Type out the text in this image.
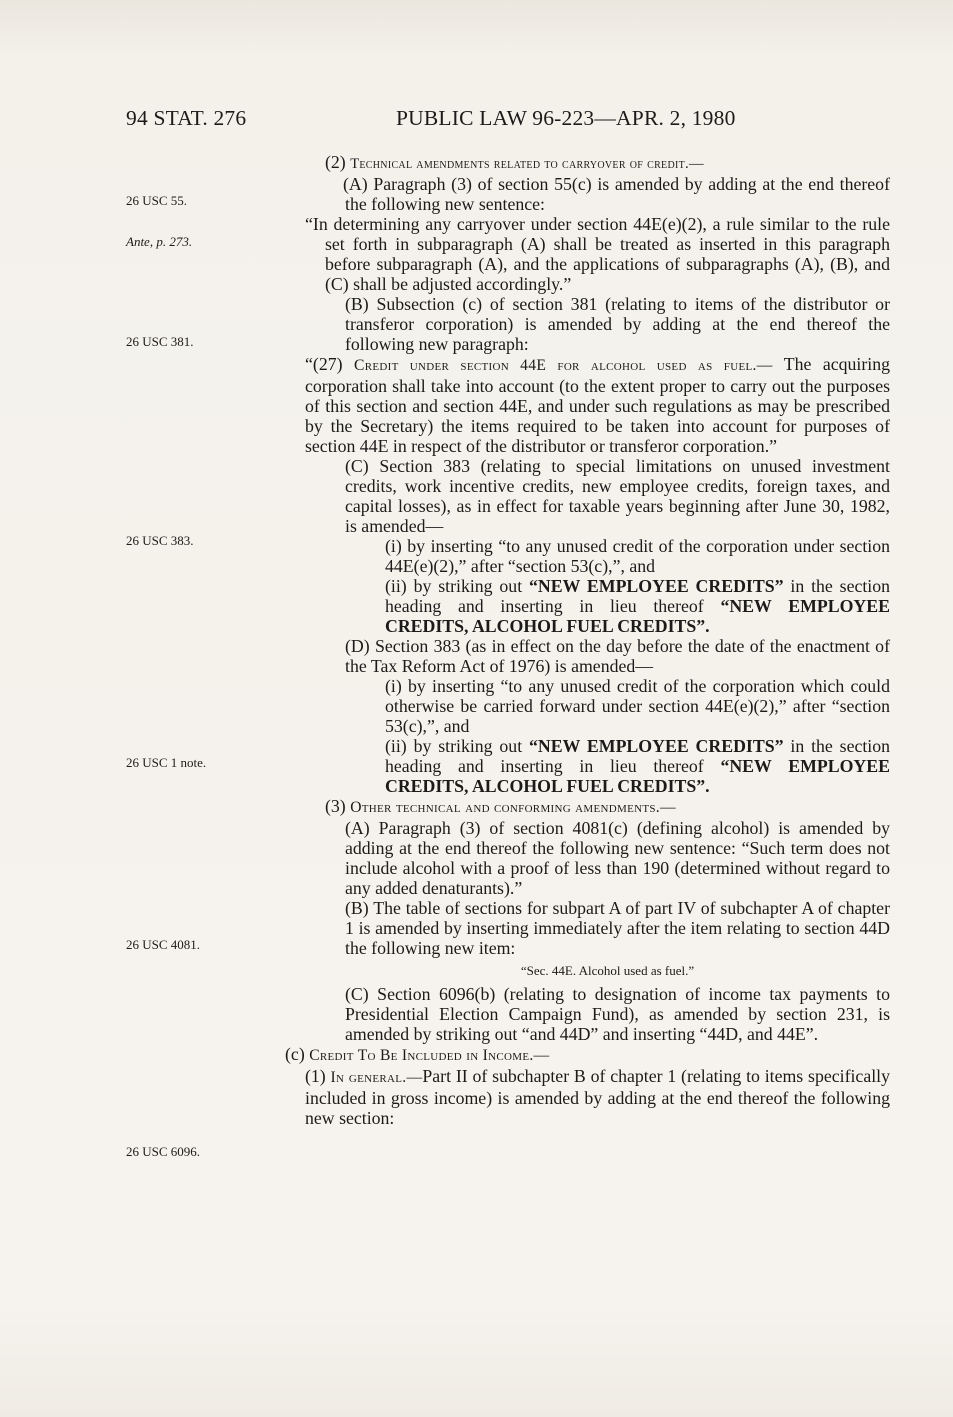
94 STAT. 276	PUBLIC LAW 96-223—APR. 2, 1980
26 USC 55.
Ante, p. 273.
26 USC 381.
26 USC 383.
26 USC 1 note.
26 USC 4081.
26 USC 6096.

(2) Technical amendments related to carryover of credit.—

(A) Paragraph (3) of section 55(c) is amended by adding at the end thereof the following new sentence:

“In determining any carryover under section 44E(e)(2), a rule similar to the rule set forth in subparagraph (A) shall be treated as inserted in this paragraph before subparagraph (A), and the applications of subparagraphs (A), (B), and (C) shall be adjusted accordingly.”

(B) Subsection (c) of section 381 (relating to items of the distributor or transferor corporation) is amended by adding at the end thereof the following new paragraph:

“(27) Credit under section 44E for alcohol used as fuel.— The acquiring corporation shall take into account (to the extent proper to carry out the purposes of this section and section 44E, and under such regulations as may be prescribed by the Secretary) the items required to be taken into account for purposes of section 44E in respect of the distributor or transferor corporation.”

(C) Section 383 (relating to special limitations on unused investment credits, work incentive credits, new employee credits, foreign taxes, and capital losses), as in effect for taxable years beginning after June 30, 1982, is amended—

(i) by inserting “to any unused credit of the corporation under section 44E(e)(2),” after “section 53(c),”, and

(ii) by striking out “NEW EMPLOYEE CREDITS” in the section heading and inserting in lieu thereof “NEW EMPLOYEE CREDITS, ALCOHOL FUEL CREDITS”.

(D) Section 383 (as in effect on the day before the date of the enactment of the Tax Reform Act of 1976) is amended—

(i) by inserting “to any unused credit of the corporation which could otherwise be carried forward under section 44E(e)(2),” after “section 53(c),”, and

(ii) by striking out “NEW EMPLOYEE CREDITS” in the section heading and inserting in lieu thereof “NEW EMPLOYEE CREDITS, ALCOHOL FUEL CREDITS”.

(3) Other technical and conforming amendments.—

(A) Paragraph (3) of section 4081(c) (defining alcohol) is amended by adding at the end thereof the following new sentence: “Such term does not include alcohol with a proof of less than 190 (determined without regard to any added denaturants).”

(B) The table of sections for subpart A of part IV of subchapter A of chapter 1 is amended by inserting immediately after the item relating to section 44D the following new item:

“Sec. 44E. Alcohol used as fuel.”

(C) Section 6096(b) (relating to designation of income tax payments to Presidential Election Campaign Fund), as amended by section 231, is amended by striking out “and 44D” and inserting “44D, and 44E”.

(c) Credit To Be Included in Income.—

(1) In general.—Part II of subchapter B of chapter 1 (relating to items specifically included in gross income) is amended by adding at the end thereof the following new section:
